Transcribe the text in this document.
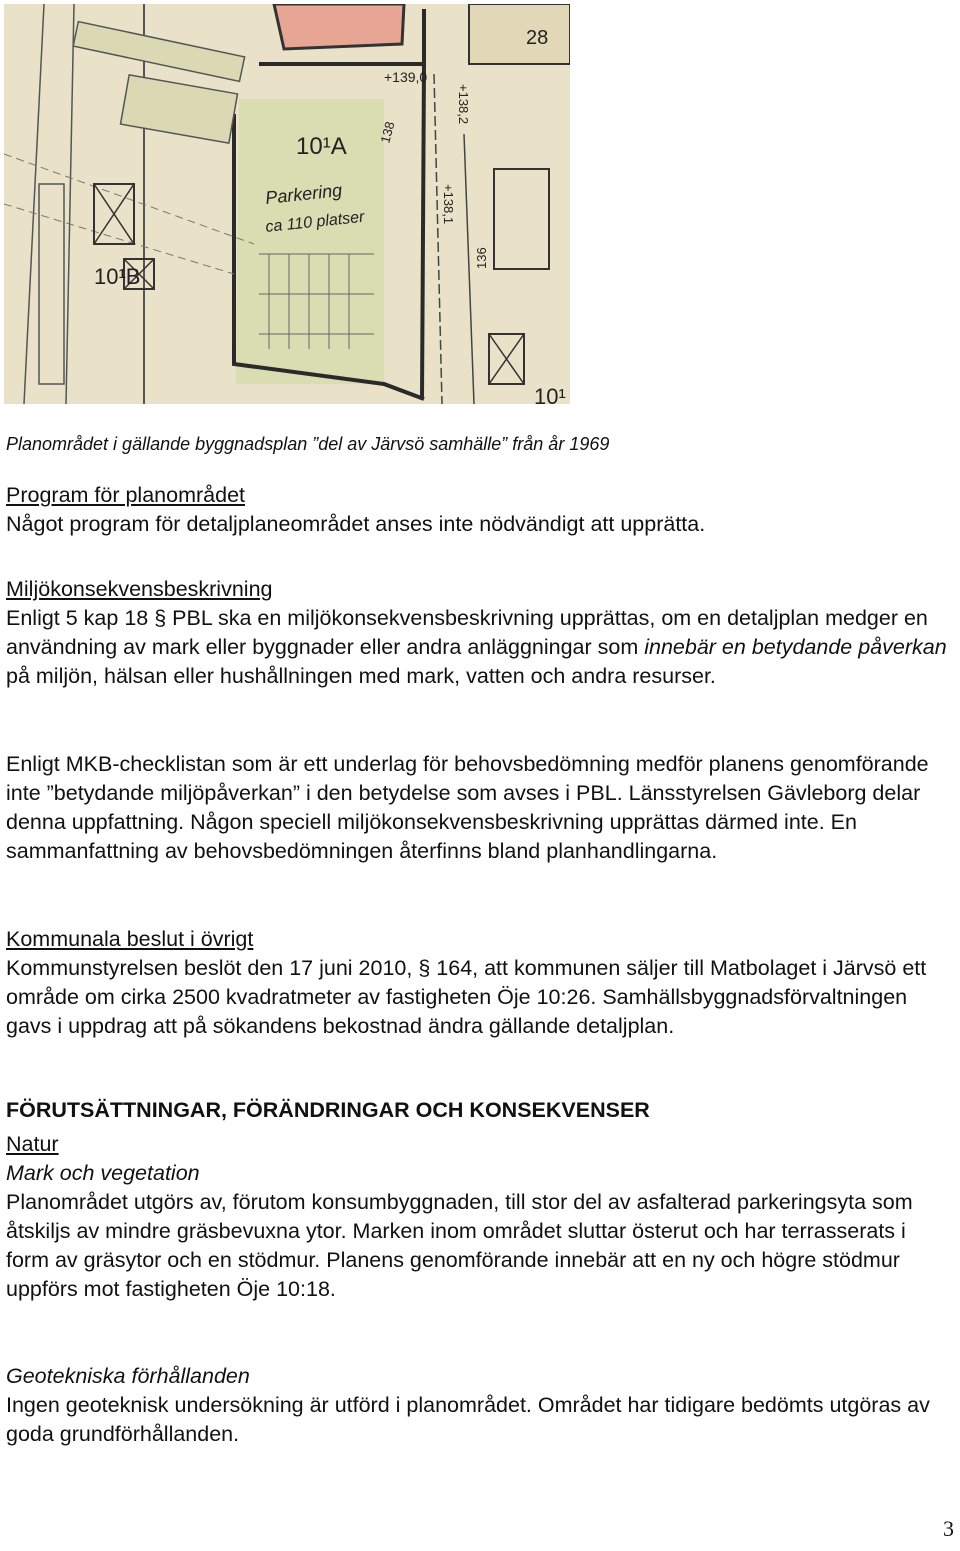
10¹A
10¹B
10¹
Parkering
ca 110 platser
+139,0
+138,2
+138,1
136
138
28
Planområdet i gällande byggnadsplan ”del av Järvsö samhälle” från år 1969

Program för planområdet

Något program för detaljplaneområdet anses inte nödvändigt att upprätta.

Miljökonsekvensbeskrivning

Enligt 5 kap 18 § PBL ska en miljökonsekvensbeskrivning upprättas, om en detaljplan medger en användning av mark eller byggnader eller andra anläggningar som innebär en betydande påverkan på miljön, hälsan eller hushållningen med mark, vatten och andra resurser.

Enligt MKB-checklistan som är ett underlag för behovsbedömning medför planens genomförande inte ”betydande miljöpåverkan” i den betydelse som avses i PBL. Länsstyrelsen Gävleborg delar denna uppfattning. Någon speciell miljökonsekvensbeskrivning upprättas därmed inte. En sammanfattning av behovsbedömningen återfinns bland planhandlingarna.

Kommunala beslut i övrigt

Kommunstyrelsen beslöt den 17 juni 2010, § 164, att kommunen säljer till Matbolaget i Järvsö ett område om cirka 2500 kvadratmeter av fastigheten Öje 10:26. Samhällsbyggnadsförvaltningen gavs i uppdrag att på sökandens bekostnad ändra gällande detaljplan.

FÖRUTSÄTTNINGAR, FÖRÄNDRINGAR OCH KONSEKVENSER

Natur

Mark och vegetation

Planområdet utgörs av, förutom konsumbyggnaden, till stor del av asfalterad parkeringsyta som åtskiljs av mindre gräsbevuxna ytor. Marken inom området sluttar österut och har terrasserats i form av gräsytor och en stödmur. Planens genomförande innebär att en ny och högre stödmur uppförs mot fastigheten Öje 10:18.

Geotekniska förhållanden

Ingen geoteknisk undersökning är utförd i planområdet. Området har tidigare bedömts utgöras av goda grundförhållanden.

3
